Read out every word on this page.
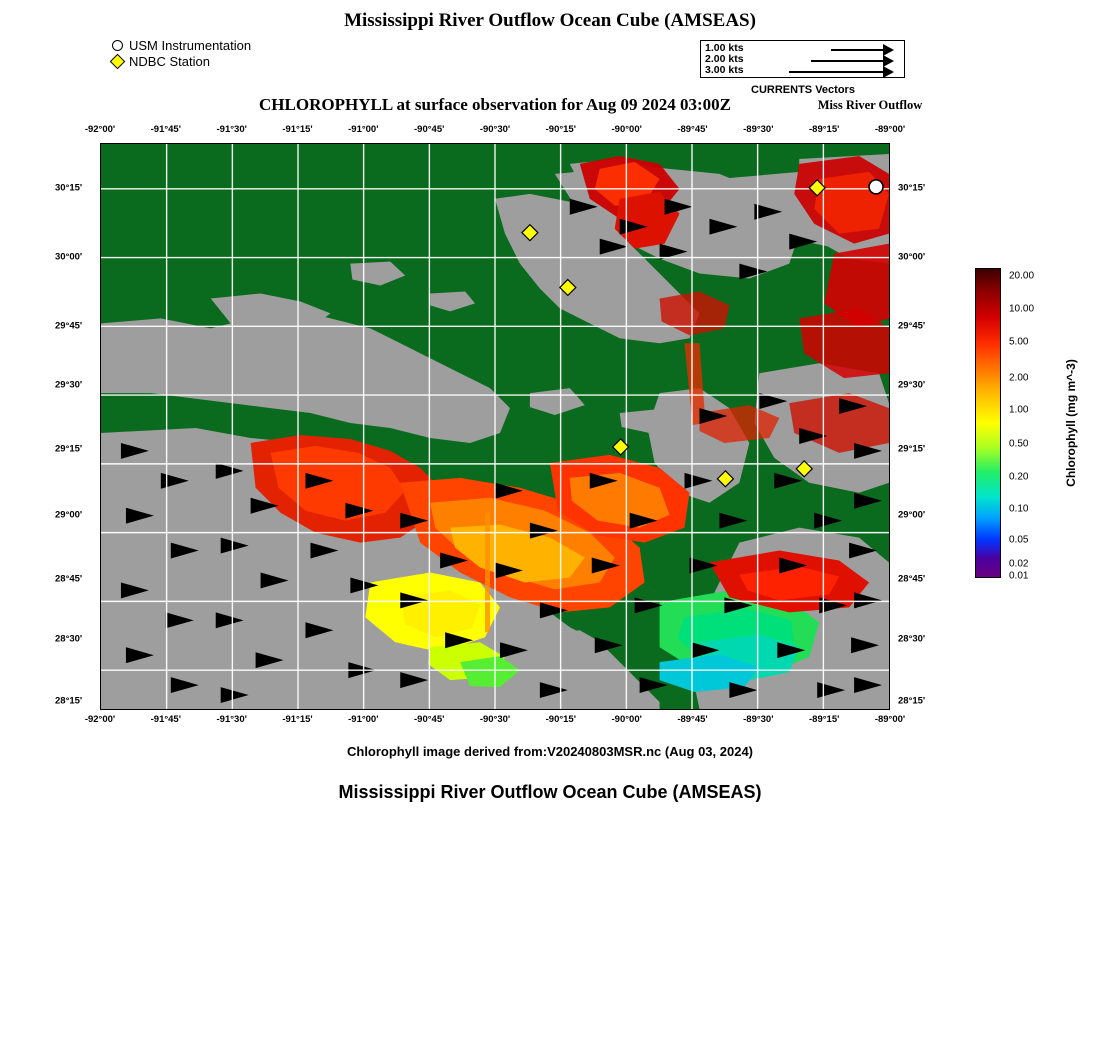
Mississippi River Outflow Ocean Cube (AMSEAS)
USM Instrumentation
NDBC Station
1.00 kts
2.00 kts
3.00 kts
CURRENTS Vectors
Miss River Outflow
CHLOROPHYLL at surface observation for Aug 09 2024 03:00Z
-92°00'	-91°45'	-91°30'	-91°15'	-91°00'	-90°45'	-90°30'	-90°15'	-90°00'	-89°45'	-89°30'	-89°15'	-89°00'
-92°00'	-91°45'	-91°30'	-91°15'	-91°00'	-90°45'	-90°30'	-90°15'	-90°00'	-89°45'	-89°30'	-89°15'	-89°00'
30°15'
30°00'
29°45'
29°30'
29°15'
29°00'
28°45'
28°30'
28°15'
30°15'
30°00'
29°45'
29°30'
29°15'
29°00'
28°45'
28°30'
28°15'
20.00
10.00
5.00
2.00
1.00
0.50
0.20
0.10
0.05
0.02
0.01
Chlorophyll (mg m^-3)
Chlorophyll image derived from:V20240803MSR.nc (Aug 03, 2024)
Mississippi River Outflow Ocean Cube (AMSEAS)
